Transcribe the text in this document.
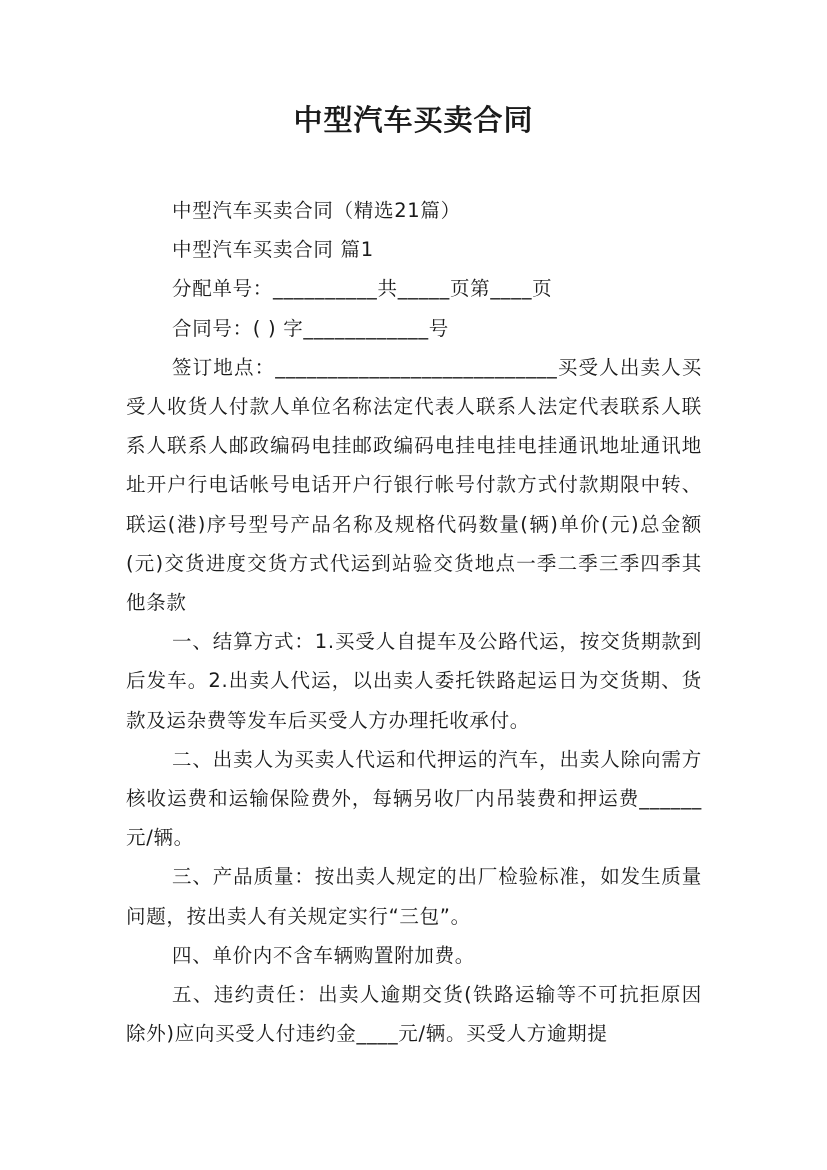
中型汽车买卖合同

中型汽车买卖合同（精选21篇）

中型汽车买卖合同 篇1

分配单号：__________共_____页第____页

合同号：( ) 字____________号

签订地点：___________________________买受人出卖人买受人收货人付款人单位名称法定代表人联系人法定代表联系人联系人联系人邮政编码电挂邮政编码电挂电挂电挂通讯地址通讯地址开户行电话帐号电话开户行银行帐号付款方式付款期限中转、联运(港)序号型号产品名称及规格代码数量(辆)单价(元)总金额(元)交货进度交货方式代运到站验交货地点一季二季三季四季其他条款

一、结算方式：1.买受人自提车及公路代运，按交货期款到后发车。2.出卖人代运，以出卖人委托铁路起运日为交货期、货款及运杂费等发车后买受人方办理托收承付。

二、出卖人为买卖人代运和代押运的汽车，出卖人除向需方核收运费和运输保险费外，每辆另收厂内吊装费和押运费______元/辆。

三、产品质量：按出卖人规定的出厂检验标准，如发生质量问题，按出卖人有关规定实行“三包”。

四、单价内不含车辆购置附加费。

五、违约责任：出卖人逾期交货(铁路运输等不可抗拒原因除外)应向买受人付违约金____元/辆。买受人方逾期提
